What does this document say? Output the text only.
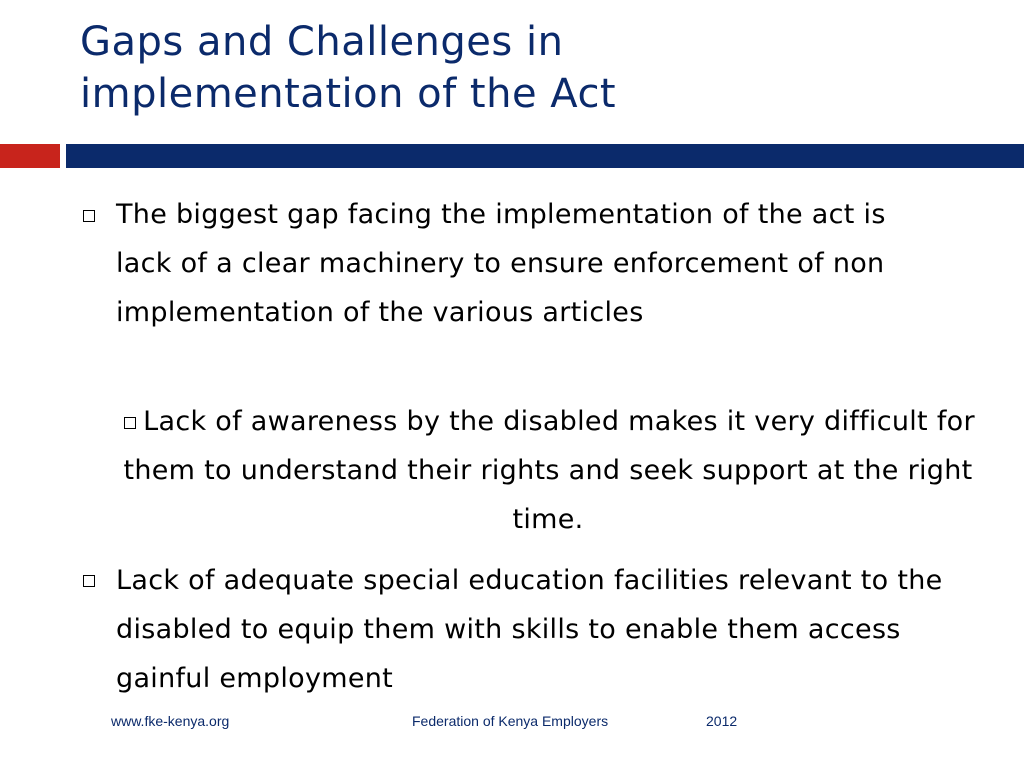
Gaps and Challenges in
implementation of the Act
The biggest gap facing the implementation of the act is lack of a clear machinery to ensure enforcement of non implementation of the various articles
Lack of awareness by the disabled makes it very difficult for them to understand their rights and seek support at the right time.
Lack of adequate special education facilities relevant to the disabled to equip them with skills to enable them access gainful employment
www.fke-kenya.org	Federation of Kenya Employers	2012
